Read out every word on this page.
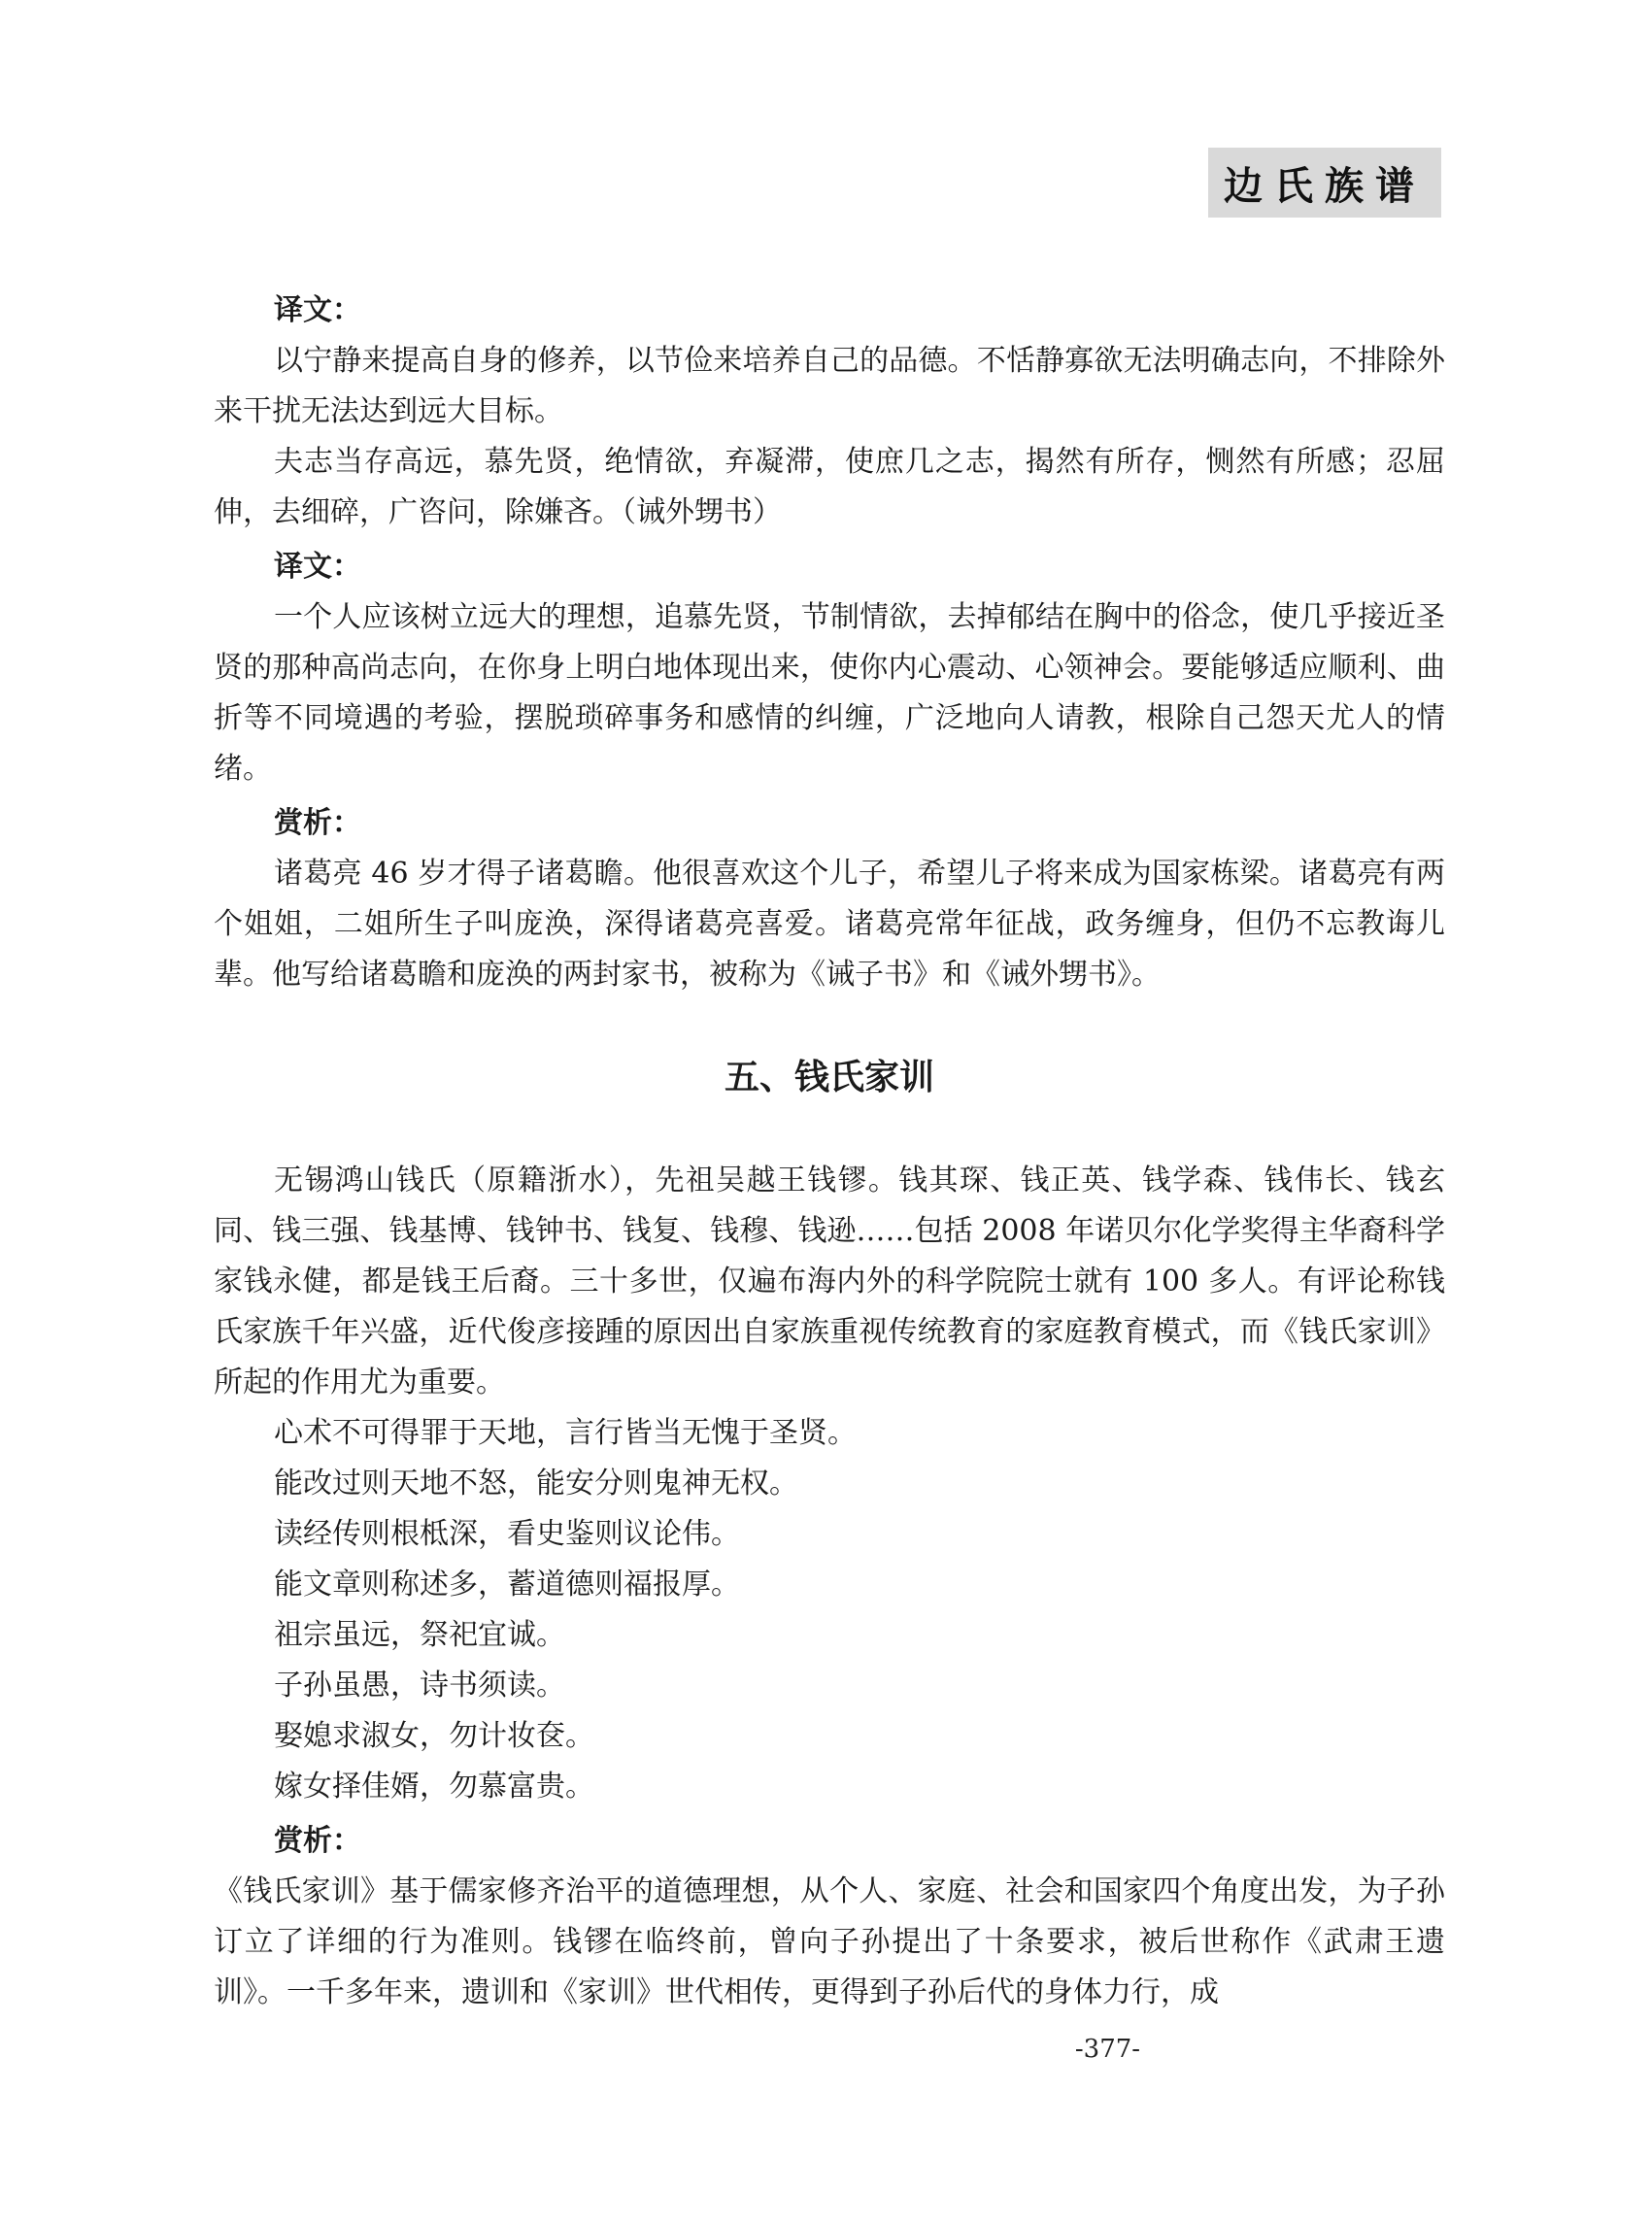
边氏族谱
译文：

以宁静来提高自身的修养，以节俭来培养自己的品德。不恬静寡欲无法明确志向，不排除外来干扰无法达到远大目标。

夫志当存高远，慕先贤，绝情欲，弃凝滞，使庶几之志，揭然有所存，恻然有所感；忍屈伸，去细碎，广咨问，除嫌吝。（诫外甥书）

译文：

一个人应该树立远大的理想，追慕先贤，节制情欲，去掉郁结在胸中的俗念，使几乎接近圣贤的那种高尚志向，在你身上明白地体现出来，使你内心震动、心领神会。要能够适应顺利、曲折等不同境遇的考验，摆脱琐碎事务和感情的纠缠，广泛地向人请教，根除自己怨天尤人的情绪。

赏析：

诸葛亮 46 岁才得子诸葛瞻。他很喜欢这个儿子，希望儿子将来成为国家栋梁。诸葛亮有两个姐姐，二姐所生子叫庞涣，深得诸葛亮喜爱。诸葛亮常年征战，政务缠身，但仍不忘教诲儿辈。他写给诸葛瞻和庞涣的两封家书，被称为《诫子书》和《诫外甥书》。

五、钱氏家训

无锡鸿山钱氏（原籍浙水），先祖吴越王钱镠。钱其琛、钱正英、钱学森、钱伟长、钱玄同、钱三强、钱基博、钱钟书、钱复、钱穆、钱逊……包括 2008 年诺贝尔化学奖得主华裔科学家钱永健，都是钱王后裔。三十多世，仅遍布海内外的科学院院士就有 100 多人。有评论称钱氏家族千年兴盛，近代俊彦接踵的原因出自家族重视传统教育的家庭教育模式，而《钱氏家训》所起的作用尤为重要。

心术不可得罪于天地，言行皆当无愧于圣贤。

能改过则天地不怒，能安分则鬼神无权。

读经传则根柢深，看史鉴则议论伟。

能文章则称述多，蓄道德则福报厚。

祖宗虽远，祭祀宜诚。

子孙虽愚，诗书须读。

娶媳求淑女，勿计妆奁。

嫁女择佳婿，勿慕富贵。

赏析：

《钱氏家训》基于儒家修齐治平的道德理想，从个人、家庭、社会和国家四个角度出发，为子孙订立了详细的行为准则。钱镠在临终前，曾向子孙提出了十条要求，被后世称作《武肃王遗训》。一千多年来，遗训和《家训》世代相传，更得到子孙后代的身体力行，成

-377-
